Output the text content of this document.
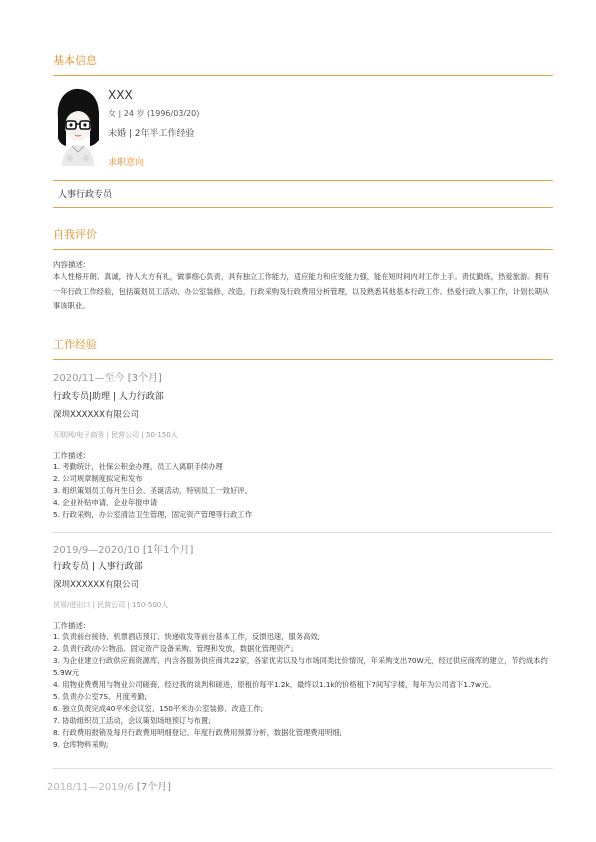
基本信息
XXX
女 | 24 岁 (1996/03/20)
未婚 | 2年半工作经验
求职意向
人事行政专员
自我评价
内容描述:
本人性格开朗、真诚，待人大方有礼，做事细心负责，具有独立工作能力，适应能力和应变能力强，能在短时间内对工作上手。责仗勤练，热爱旅游。拥有一年行政工作经验，包括策划员工活动、办公室装修、改造，行政采购及行政费用分析管理，以及熟悉其他基本行政工作。热爱行政人事工作，计划长期从事该职业。
工作经验
2020/11—至今 [3个月]
行政专员|助理 | 人力行政部
深圳XXXXXX有限公司
互联网/电子商务 | 民营公司 | 50-150人
工作描述:
1. 考勤统计，社保公积金办理，员工入离职手续办理
2. 公司规章制度拟定和发布
3. 组织策划员工每月生日会、圣诞活动，特别员工一致好评。
4. 企业补贴申请，企业年报申请
5. 行政采购，办公室清洁卫生管理，固定资产管理等行政工作
2019/9—2020/10 [1年1个月]
行政专员 | 人事行政部
深圳XXXXXX有限公司
贸易/进出口 | 民营公司 | 150-500人
工作描述:
1. 负责前台接待、机票酒店预订、快递收发等前台基本工作，反馈迅速，服务高效;
2. 负责行政/办公物品、固定资产设备采购、管理和发放，数据化管理资产;
3. 为企业建立行政供应商资源库，内含各服务供应商共22家，各家优劣以及与市场同类比价情况，年采购支出70W元，经过供应商库的建立，节约成本约5.9W元
4. 用物业费费用与物业公司磋商，经过我的谈判和磋进，原租价每平1.2k，最终以1.1k的价格租下7间写字楼，每年为公司省下1.7w元。
5. 负责办公室7S、月度考勤;
6. 独立负责完成40平米会议室、150平米办公室装修、改造工作;
7. 协助组织员工活动，会议策划场地预订与布置;
8. 行政费用报销及每月行政费用明细登记、年度行政费用预算分析，数据化管理费用明细;
9. 仓库物料采购;
2018/11—2019/6 [7个月]
